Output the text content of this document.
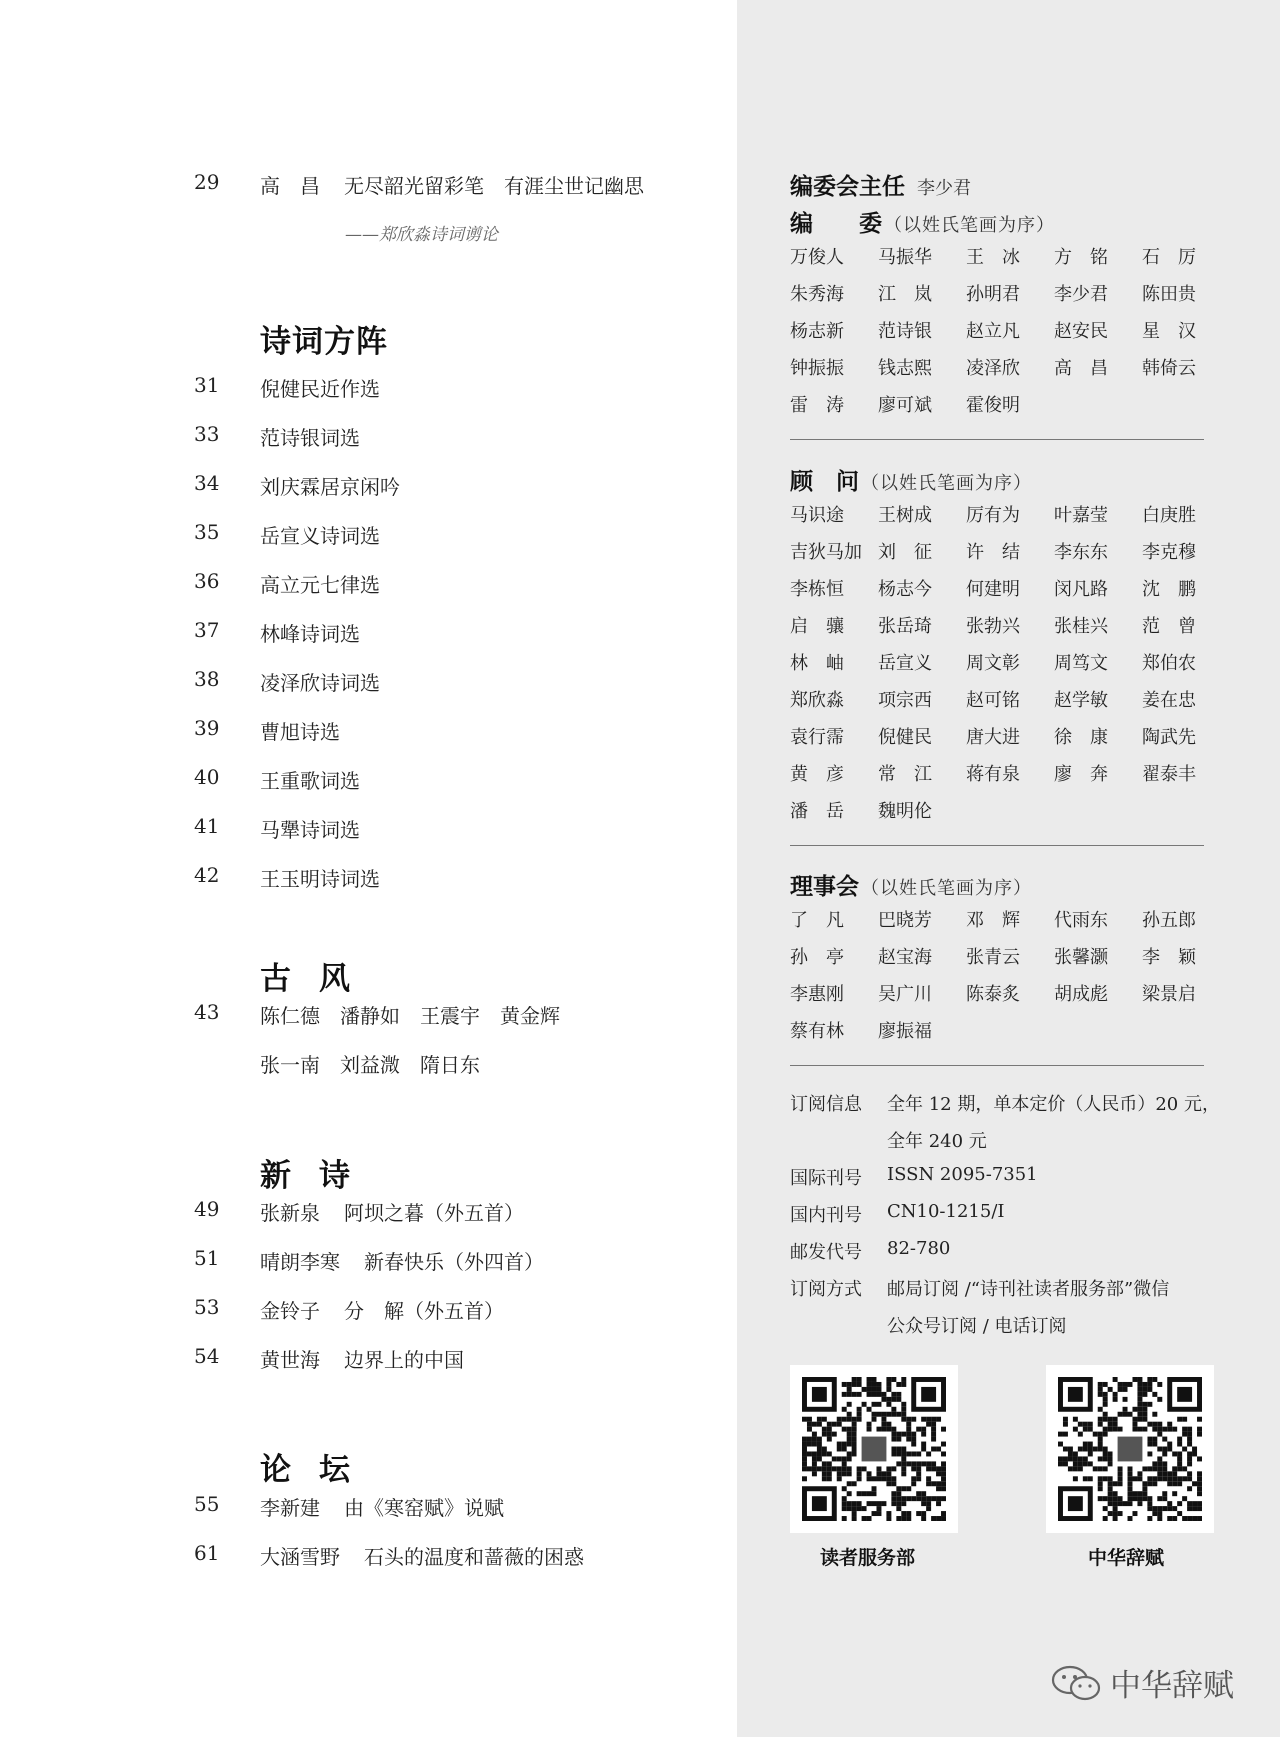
29 高　昌 无尽韶光留彩笔　有涯尘世记幽思
——郑欣淼诗词谫论
诗词方阵
31 倪健民近作选
33 范诗银词选
34 刘庆霖居京闲吟
35 岳宣义诗词选
36 高立元七律选
37 林峰诗词选
38 凌泽欣诗词选
39 曹旭诗选
40 王重歌词选
41 马犟诗词选
42 王玉明诗词选
古风
43 陈仁德　潘静如　王震宇　黄金辉
张一南　刘益溦　隋日东
新诗
49 张新泉 阿坝之暮（外五首）
51 晴朗李寒 新春快乐（外四首）
53 金铃子 分　解（外五首）
54 黄世海 边界上的中国
论坛
55 李新建 由《寒窑赋》说赋
61 大涵雪野 石头的温度和蔷薇的困惑
编委会主任 李少君
编　　委 （以姓氏笔画为序）
万俊人	马振华	王　冰	方　铭	石　厉
朱秀海	江　岚	孙明君	李少君	陈田贵
杨志新	范诗银	赵立凡	赵安民	星　汉
钟振振	钱志熙	凌泽欣	高　昌	韩倚云
雷　涛	廖可斌	霍俊明
顾　问 （以姓氏笔画为序）
马识途	王树成	厉有为	叶嘉莹	白庚胜
吉狄马加 刘　征	许　结	李东东	李克穆
李栋恒	杨志今	何建明	闵凡路	沈　鹏
启　骧	张岳琦	张勃兴	张桂兴	范　曾
林　岫	岳宣义	周文彰	周笃文	郑伯农
郑欣淼	项宗西	赵可铭	赵学敏	姜在忠
袁行霈	倪健民	唐大进	徐　康	陶武先
黄　彦	常　江	蒋有泉	廖　奔	翟泰丰
潘　岳	魏明伦
理事会 （以姓氏笔画为序）
了　凡	巴晓芳	邓　辉	代雨东	孙五郎
孙　亭	赵宝海	张青云	张馨灏	李　颖
李惠刚	吴广川	陈泰炙	胡成彪	梁景启
蔡有林	廖振福
订阅信息	全年 12 期，单本定价（人民币）20 元，
全年 240 元
国际刊号	ISSN 2095-7351
国内刊号	CN10-1215/I
邮发代号	82-780
订阅方式	邮局订阅 /“诗刊社读者服务部”微信
公众号订阅 / 电话订阅
读者服务部	中华辞赋
中华辞赋
